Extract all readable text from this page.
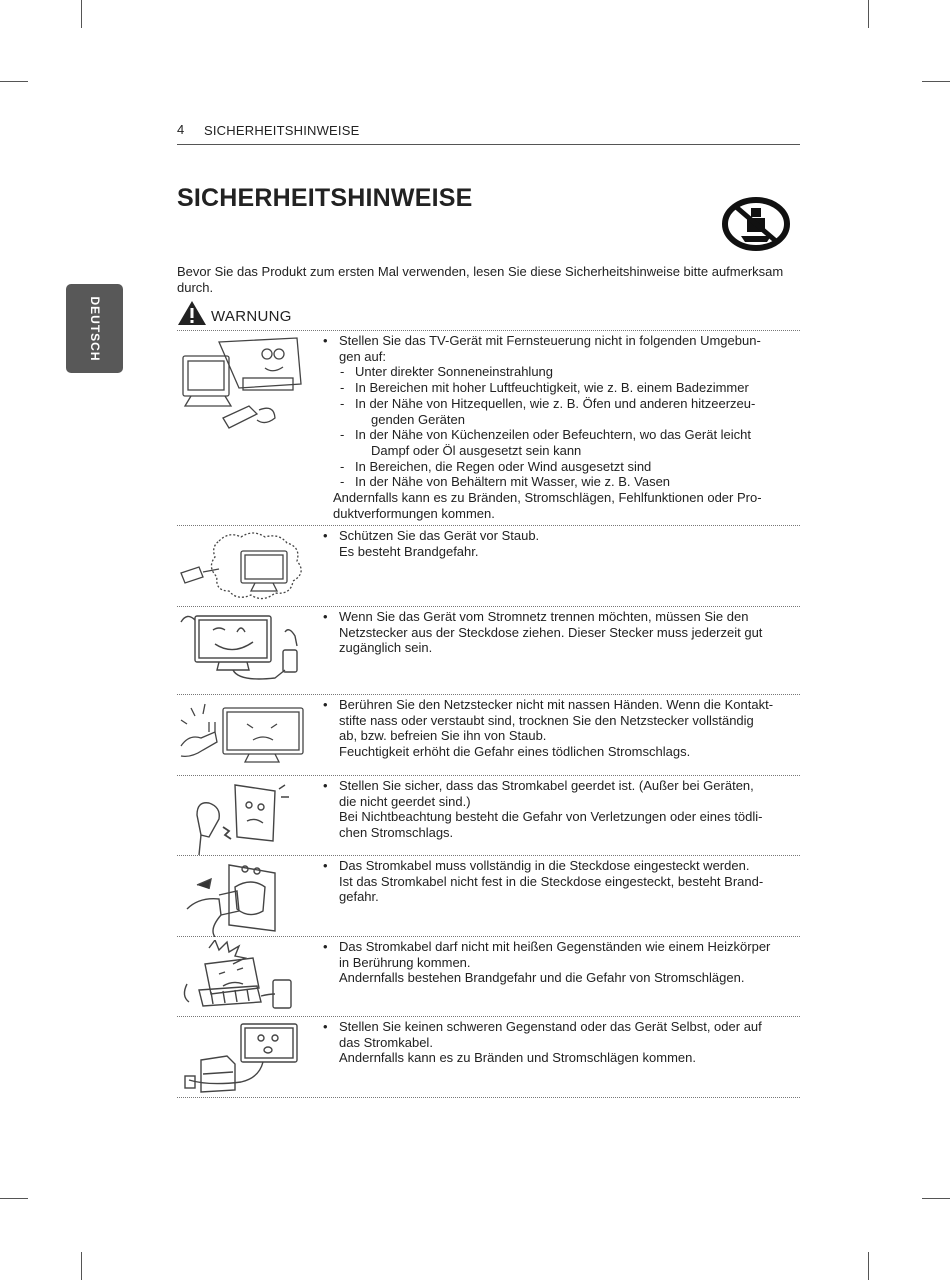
4 SICHERHEITSHINWEISE
SICHERHEITSHINWEISE
Bevor Sie das Produkt zum ersten Mal verwenden, lesen Sie diese Sicherheitshinweise bitte aufmerksam durch.
WARNUNG
DEUTSCH
•	Stellen Sie das TV-Gerät mit Fernsteuerung nicht in folgenden Umgebun-
gen auf:
- Unter direkter Sonneneinstrahlung
- In Bereichen mit hoher Luftfeuchtigkeit, wie z. B. einem Badezimmer
- In der Nähe von Hitzequellen, wie z. B. Öfen und anderen hitzeerzeu-
genden Geräten
- In der Nähe von Küchenzeilen oder Befeuchtern, wo das Gerät leicht
Dampf oder Öl ausgesetzt sein kann
- In Bereichen, die Regen oder Wind ausgesetzt sind
- In der Nähe von Behältern mit Wasser, wie z. B. Vasen
Andernfalls kann es zu Bränden, Stromschlägen, Fehlfunktionen oder Pro-
duktverformungen kommen.
• Schützen Sie das Gerät vor Staub.
Es besteht Brandgefahr.
• Wenn Sie das Gerät vom Stromnetz trennen möchten, müssen Sie den
Netzstecker aus der Steckdose ziehen. Dieser Stecker muss jederzeit gut
zugänglich sein.
• Berühren Sie den Netzstecker nicht mit nassen Händen. Wenn die Kontakt-
stifte nass oder verstaubt sind, trocknen Sie den Netzstecker vollständig
ab, bzw. befreien Sie ihn von Staub.
Feuchtigkeit erhöht die Gefahr eines tödlichen Stromschlags.
• Stellen Sie sicher, dass das Stromkabel geerdet ist. (Außer bei Geräten,
die nicht geerdet sind.)
Bei Nichtbeachtung besteht die Gefahr von Verletzungen oder eines tödli-
chen Stromschlags.
• Das Stromkabel muss vollständig in die Steckdose eingesteckt werden.
Ist das Stromkabel nicht fest in die Steckdose eingesteckt, besteht Brand-
gefahr.
• Das Stromkabel darf nicht mit heißen Gegenständen wie einem Heizkörper
in Berührung kommen.
Andernfalls bestehen Brandgefahr und die Gefahr von Stromschlägen.
• Stellen Sie keinen schweren Gegenstand oder das Gerät Selbst, oder auf
das Stromkabel.
Andernfalls kann es zu Bränden und Stromschlägen kommen.
